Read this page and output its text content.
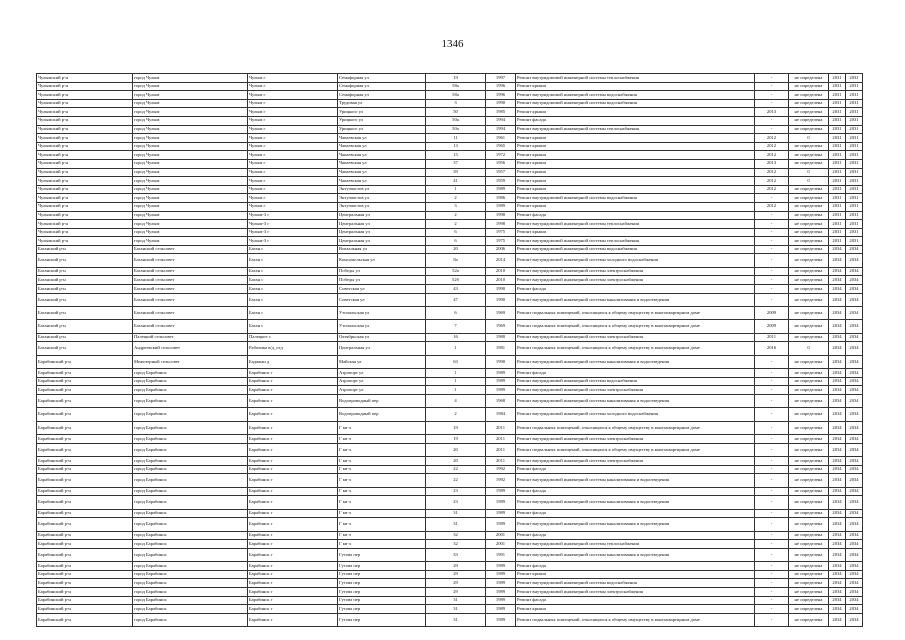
1346
Чулымский р-н	город Чулым	Чулым г	Семафорная ул	19	1997	Ремонт внутридомовой инженерной системы теплоснабжения	-	не определена	2031	2031
Чулымский р-н	город Чулым	Чулым г	Семафорная ул	58а	1996	Ремонт крыши	-	не определена	2031	2031
Чулымский р-н	город Чулым	Чулым г	Семафорная ул	58а	1996	Ремонт внутридомовой инженерной системы водоснабжения	-	не определена	2031	2031
Чулымский р-н	город Чулым	Чулым г	Трудовая ул	3	1990	Ремонт внутридомовой инженерной системы водоснабжения	-	не определена	2031	2031
Чулымский р-н	город Чулым	Чулым г	Урицкого ул	50	1985	Ремонт крыши	2013	не определена	2031	2031
Чулымский р-н	город Чулым	Чулым г	Урицкого ул	50а	1994	Ремонт фасада	-	не определена	2031	2031
Чулымский р-н	город Чулым	Чулым г	Урицкого ул	50а	1994	Ремонт внутридомовой инженерной системы теплоснабжения	-	не определена	2031	2031
Чулымский р-н	город Чулым	Чулым г	Чапаевская ул	11	1961	Ремонт крыши	2012	0	2031	2031
Чулымский р-н	город Чулым	Чулым г	Чапаевская ул	13	1965	Ремонт крыши	2012	не определена	2031	2031
Чулымский р-н	город Чулым	Чулым г	Чапаевская ул	15	1972	Ремонт крыши	2012	не определена	2031	2031
Чулымский р-н	город Чулым	Чулым г	Чапаевская ул	37	1956	Ремонт крыши	2013	не определена	2031	2031
Чулымский р-н	город Чулым	Чулым г	Чапаевская ул	39	1957	Ремонт крыши	2012	0	2031	2031
Чулымский р-н	город Чулым	Чулым г	Чапаевская ул	41	1959	Ремонт крыши	2012	0	2031	2031
Чулымский р-н	город Чулым	Чулым г	Энтузиастов ул	1	1989	Ремонт крыши	2012	не определена	2031	2031
Чулымский р-н	город Чулым	Чулым г	Энтузиастов ул	2	1986	Ремонт внутридомовой инженерной системы водоснабжения	-	не определена	2031	2031
Чулымский р-н	город Чулым	Чулым г	Энтузиастов ул	3	1989	Ремонт крыши	2012	не определена	2031	2031
Чулымский р-н	город Чулым	Чулым-3 г	Центральная ул	2	1998	Ремонт фасада	-	не определена	2031	2031
Чулымский р-н	город Чулым	Чулым-3 г	Центральная ул	2	1998	Ремонт внутридомовой инженерной системы теплоснабжения	-	не определена	2031	2031
Чулымский р-н	город Чулым	Чулым-3 г	Центральная ул	6	1975	Ремонт крыши	-	не определена	2031	2031
Чулымский р-н	город Чулым	Чулым-3 г	Центральная ул	6	1975	Ремонт внутридомовой инженерной системы теплоснабжения	-	не определена	2031	2031
Баганский р-н	Баганский сельсовет	Баган с	Вокзальная ул	20	2006	Ремонт внутридомовой инженерной системы водоснабжения	-	не определена	2034	2034
Баганский р-н	Баганский сельсовет	Баган с	Комсомольская ул	8а	2014	Ремонт внутридомовой инженерной системы холодного водоснабжения	-	не определена	2034	2034
Баганский р-н	Баганский сельсовет	Баган с	Победы ул	52а	2010	Ремонт внутридомовой инженерной системы электроснабжения	-	не определена	2034	2034
Баганский р-н	Баганский сельсовет	Баган с	Победы ул	52б	2010	Ремонт внутридомовой инженерной системы электроснабжения	-	не определена	2034	2034
Баганский р-н	Баганский сельсовет	Баган с	Советская ул	43	1990	Ремонт фасада	-	не определена	2034	2034
Баганский р-н	Баганский сельсовет	Баган с	Советская ул	47	1990	Ремонт внутридомовой инженерной системы канализования и водоотведения	-	не определена	2034	2034
Баганский р-н	Баганский сельсовет	Баган с	Утопальская ул	6	1969	Ремонт подвальных помещений, относящихся к общему имуществу в многоквартирном доме	2009	не определена	2034	2034
Баганский р-н	Баганский сельсовет	Баган с	Утопальская ул	7	1969	Ремонт подвальных помещений, относящихся к общему имуществу в многоквартирном доме	2009	не определена	2034	2034
Баганский р-н	Палецкий сельсовет	Палецкое с	Октябрьская ул	16	1980	Ремонт внутридомовой инженерной системы электроснабжения	2011	не определена	2034	2034
Баганский р-н	Андреевский сельсовет	Рабочика в/д_отд	Центральная ул	1	1981	Ремонт подвальных помещений, относящихся к общему имуществу в многоквартирном доме	2016	0	2034	2034
Барабинский р-н	Межозерный сельсовет	Бадажан д	Майская ул	63	1990	Ремонт внутридомовой инженерной системы канализования и водоотведения	-	не определена	2034	2034
Барабинский р-н	город Барабинск	Барабинск г	Аэропорт ул	1	1989	Ремонт фасада	-	не определена	2034	2034
Барабинский р-н	город Барабинск	Барабинск г	Аэропорт ул	1	1989	Ремонт внутридомовой инженерной системы водоснабжения	-	не определена	2034	2034
Барабинский р-н	город Барабинск	Барабинск г	Аэропорт ул	1	1989	Ремонт внутридомовой инженерной системы электроснабжения	-	не определена	2034	2034
Барабинский р-н	город Барабинск	Барабинск г	Водопроводный пер	4	1968	Ремонт внутридомовой инженерной системы канализования и водоотведения	-	не определена	2034	2034
Барабинский р-н	город Барабинск	Барабинск г	Водопроводный пер	2	1984	Ремонт внутридомовой инженерной системы холодного водоснабжения	-	не определена	2034	2034
Барабинский р-н	город Барабинск	Барабинск г	Г кв-л	19	2011	Ремонт подвальных помещений, относящихся к общему имуществу в многоквартирном доме	-	не определена	2034	2034
Барабинский р-н	город Барабинск	Барабинск г	Г кв-л	19	2011	Ремонт внутридомовой инженерной системы электроснабжения	-	не определена	2034	2034
Барабинский р-н	город Барабинск	Барабинск г	Г кв-л	20	2011	Ремонт подвальных помещений, относящихся к общему имуществу в многоквартирном доме	-	не определена	2034	2034
Барабинский р-н	город Барабинск	Барабинск г	Г кв-л	20	2011	Ремонт внутридомовой инженерной системы электроснабжения	-	не определена	2034	2034
Барабинский р-н	город Барабинск	Барабинск г	Г кв-л	22	1992	Ремонт фасада	-	не определена	2034	2034
Барабинский р-н	город Барабинск	Барабинск г	Г кв-л	22	1992	Ремонт внутридомовой инженерной системы канализования и водоотведения	-	не определена	2034	2034
Барабинский р-н	город Барабинск	Барабинск г	Г кв-л	23	1989	Ремонт фасада	-	не определена	2034	2034
Барабинский р-н	город Барабинск	Барабинск г	Г кв-л	23	1989	Ремонт внутридомовой инженерной системы канализования и водоотведения	-	не определена	2034	2034
Барабинский р-н	город Барабинск	Барабинск г	Г кв-л	31	1989	Ремонт фасада	-	не определена	2034	2034
Барабинский р-н	город Барабинск	Барабинск г	Г кв-л	31	1989	Ремонт внутридомовой инженерной системы канализования и водоотведения	-	не определена	2034	2034
Барабинский р-н	город Барабинск	Барабинск г	Г кв-л	32	2001	Ремонт фасада	-	не определена	2034	2034
Барабинский р-н	город Барабинск	Барабинск г	Г кв-л	32	2001	Ремонт внутридомовой инженерной системы теплоснабжения	-	не определена	2034	2034
Барабинский р-н	город Барабинск	Барабинск г	Гутова пер	33	1991	Ремонт внутридомовой инженерной системы канализования и водоотведения	-	не определена	2034	2034
Барабинский р-н	город Барабинск	Барабинск г	Гутова пер	29	1989	Ремонт фасада	-	не определена	2034	2034
Барабинский р-н	город Барабинск	Барабинск г	Гутова пер	29	1989	Ремонт крыши	-	не определена	2034	2034
Барабинский р-н	город Барабинск	Барабинск г	Гутова пер	29	1989	Ремонт внутридомовой инженерной системы водоснабжения	-	не определена	2034	2034
Барабинский р-н	город Барабинск	Барабинск г	Гутова пер	29	1989	Ремонт внутридомовой инженерной системы электроснабжения	-	не определена	2034	2034
Барабинский р-н	город Барабинск	Барабинск г	Гутова пер	31	1989	Ремонт фасада	-	не определена	2034	2034
Барабинский р-н	город Барабинск	Барабинск г	Гутова пер	31	1989	Ремонт крыши	-	не определена	2034	2034
Барабинский р-н	город Барабинск	Барабинск г	Гутова пер	31	1989	Ремонт подвальных помещений, относящихся к общему имуществу в многоквартирном доме	-	не определена	2034	2034
